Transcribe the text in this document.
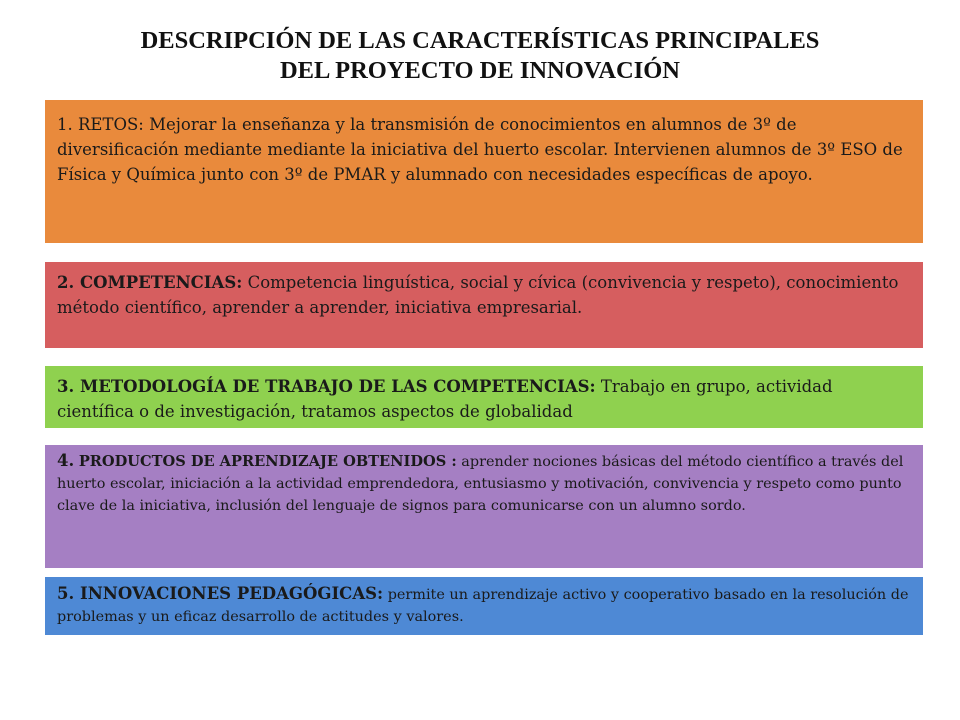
DESCRIPCIÓN DE LAS CARACTERÍSTICAS PRINCIPALES
DEL PROYECTO DE INNOVACIÓN

1. RETOS: Mejorar la enseñanza y la transmisión de conocimientos en alumnos de 3º de diversificación mediante mediante la iniciativa del huerto escolar. Intervienen alumnos de 3º ESO de Física y Química junto con 3º de PMAR y alumnado con necesidades específicas de apoyo.

2. COMPETENCIAS: Competencia linguística, social y cívica (convivencia y respeto), conocimiento método científico, aprender a aprender, iniciativa empresarial.

3. METODOLOGÍA DE TRABAJO DE LAS COMPETENCIAS: Trabajo en grupo, actividad científica o de investigación, tratamos aspectos de globalidad

4. PRODUCTOS DE APRENDIZAJE OBTENIDOS : aprender nociones básicas del método científico a través del huerto escolar, iniciación a la actividad emprendedora, entusiasmo y motivación, convivencia y respeto como punto clave de la iniciativa, inclusión del lenguaje de signos para comunicarse con un alumno sordo.

5. INNOVACIONES PEDAGÓGICAS: permite un aprendizaje activo y cooperativo basado en la resolución de problemas y un eficaz desarrollo de actitudes y valores.
